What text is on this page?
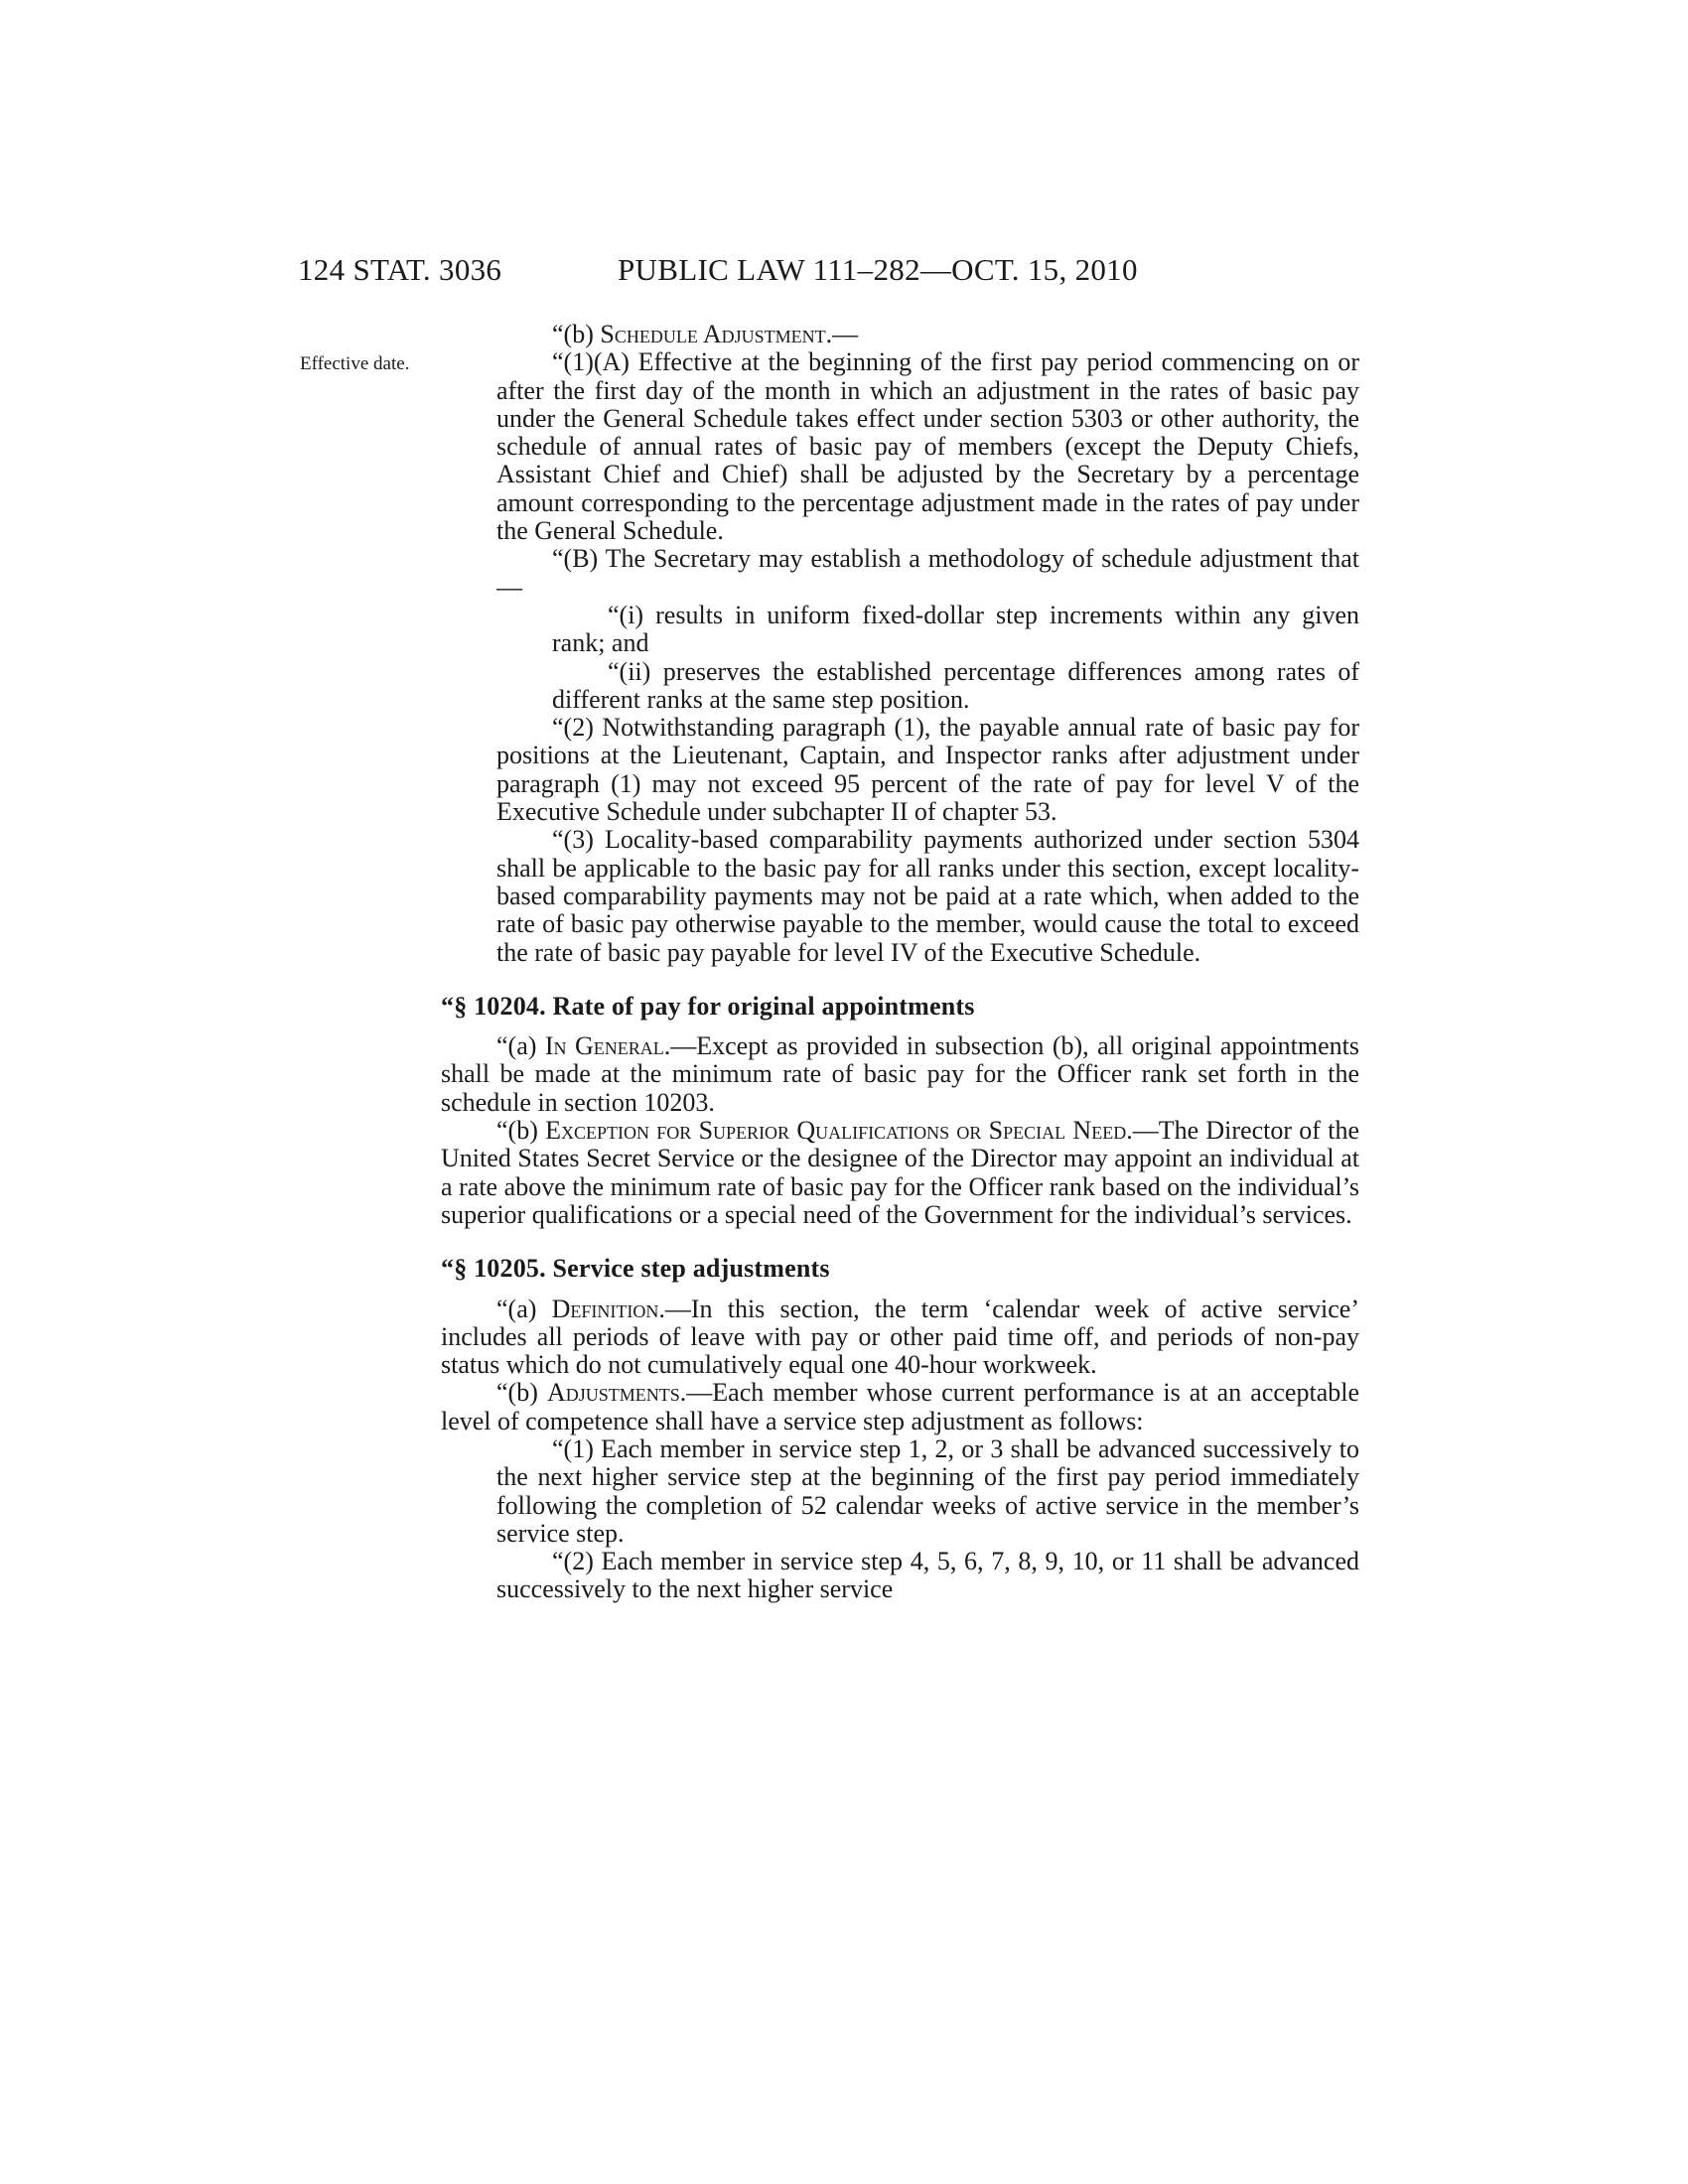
124 STAT. 3036	PUBLIC LAW 111–282—OCT. 15, 2010
Effective date.

“(b) Schedule Adjustment.—

“(1)(A) Effective at the beginning of the first pay period commencing on or after the first day of the month in which an adjustment in the rates of basic pay under the General Schedule takes effect under section 5303 or other authority, the schedule of annual rates of basic pay of members (except the Deputy Chiefs, Assistant Chief and Chief) shall be adjusted by the Secretary by a percentage amount corresponding to the percentage adjustment made in the rates of pay under the General Schedule.

“(B) The Secretary may establish a methodology of schedule adjustment that—

“(i) results in uniform fixed-dollar step increments within any given rank; and

“(ii) preserves the established percentage differences among rates of different ranks at the same step position.

“(2) Notwithstanding paragraph (1), the payable annual rate of basic pay for positions at the Lieutenant, Captain, and Inspector ranks after adjustment under paragraph (1) may not exceed 95 percent of the rate of pay for level V of the Executive Schedule under subchapter II of chapter 53.

“(3) Locality-based comparability payments authorized under section 5304 shall be applicable to the basic pay for all ranks under this section, except locality-based comparability payments may not be paid at a rate which, when added to the rate of basic pay otherwise payable to the member, would cause the total to exceed the rate of basic pay payable for level IV of the Executive Schedule.

“§ 10204. Rate of pay for original appointments

“(a) In General.—Except as provided in subsection (b), all original appointments shall be made at the minimum rate of basic pay for the Officer rank set forth in the schedule in section 10203.

“(b) Exception for Superior Qualifications or Special Need.—The Director of the United States Secret Service or the designee of the Director may appoint an individual at a rate above the minimum rate of basic pay for the Officer rank based on the individual’s superior qualifications or a special need of the Government for the individual’s services.

“§ 10205. Service step adjustments

“(a) Definition.—In this section, the term ‘calendar week of active service’ includes all periods of leave with pay or other paid time off, and periods of non-pay status which do not cumulatively equal one 40-hour workweek.

“(b) Adjustments.—Each member whose current performance is at an acceptable level of competence shall have a service step adjustment as follows:

“(1) Each member in service step 1, 2, or 3 shall be advanced successively to the next higher service step at the beginning of the first pay period immediately following the completion of 52 calendar weeks of active service in the member’s service step.

“(2) Each member in service step 4, 5, 6, 7, 8, 9, 10, or 11 shall be advanced successively to the next higher service
